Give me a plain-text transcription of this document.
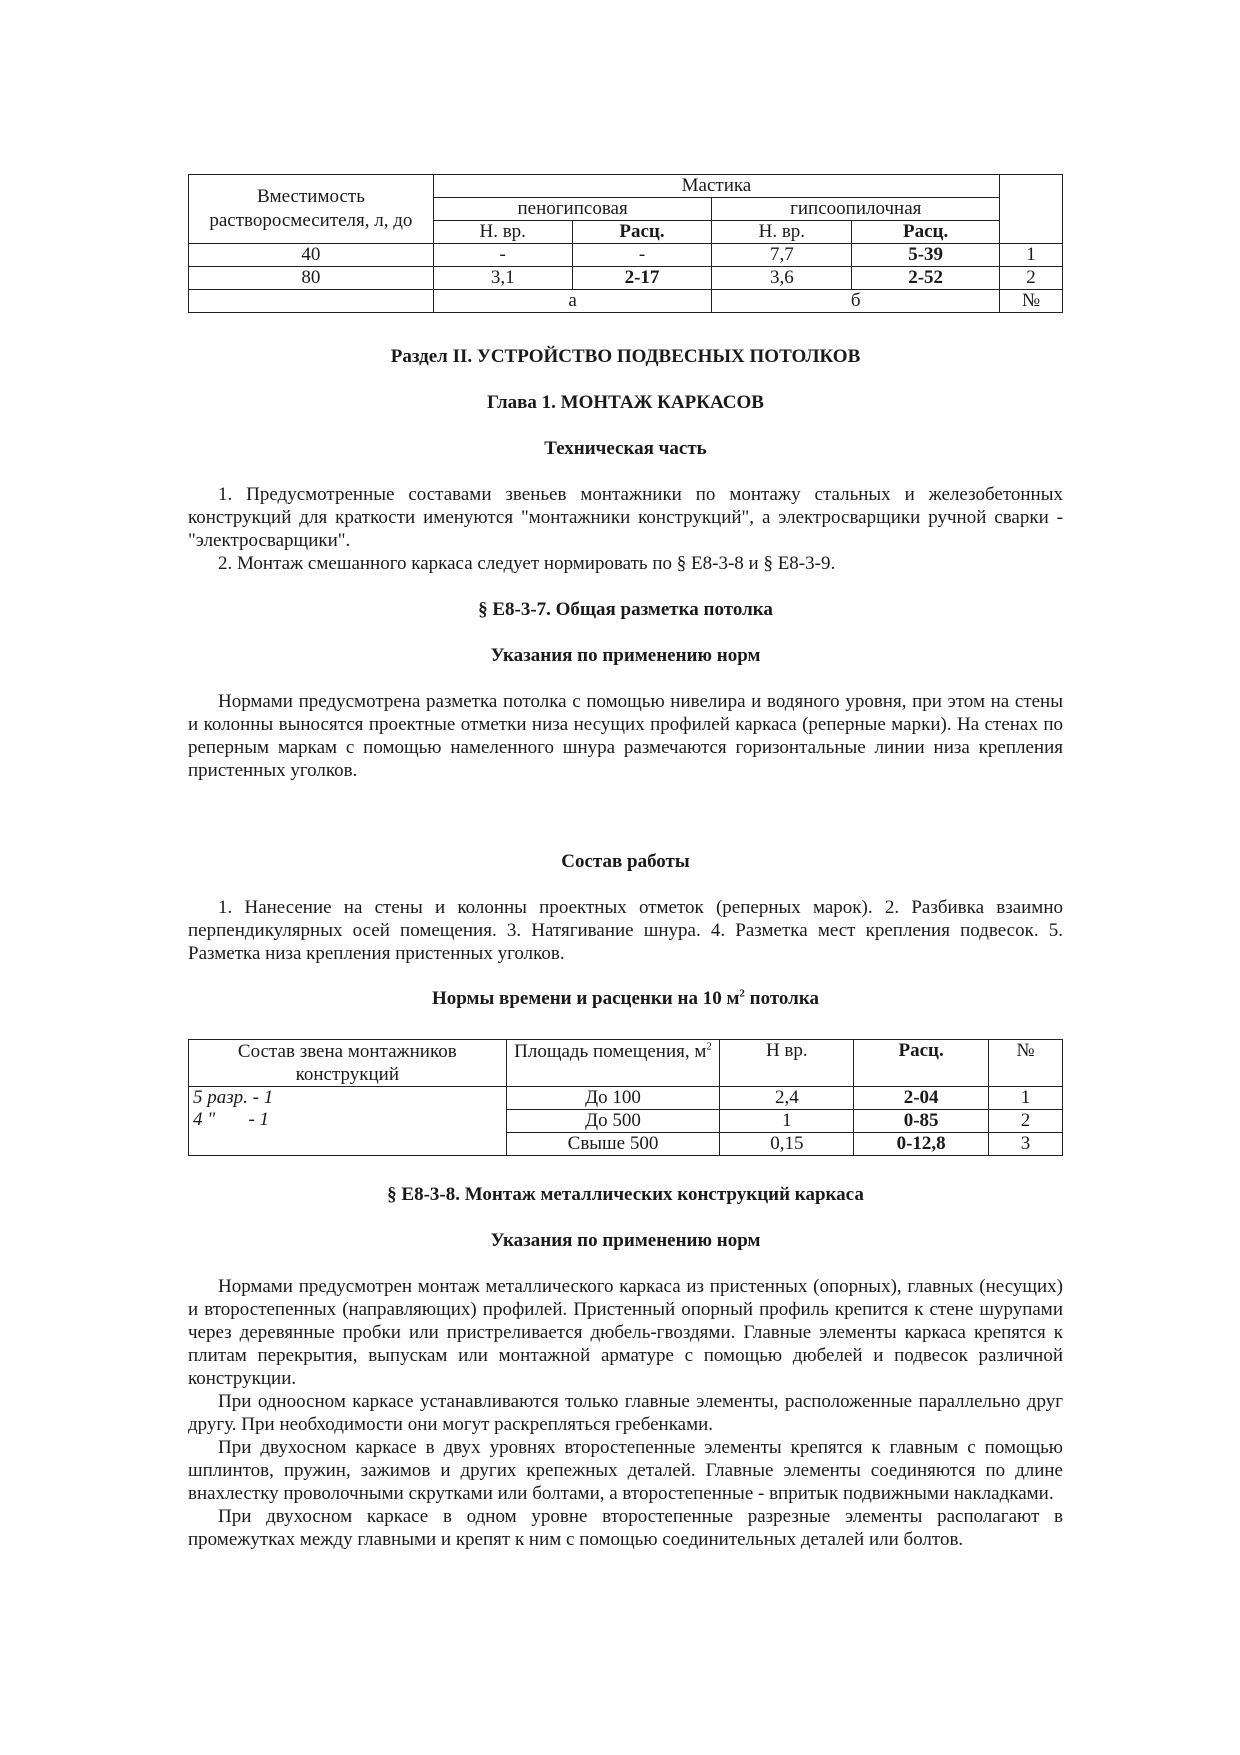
Вместимость растворосмесителя, л, до	Мастика				
	пеногипсовая		гипсоопилочная		
	Н. вр.	Расц.	Н. вр.	Расц.	
40	-	-	7,7	5-39	1
80	3,1	2-17	3,6	2-52	2
	а		б		№
Раздел II. УСТРОЙСТВО ПОДВЕСНЫХ ПОТОЛКОВ
Глава 1. МОНТАЖ КАРКАСОВ
Техническая часть

1. Предусмотренные составами звеньев монтажники по монтажу стальных и железобетонных конструкций для краткости именуются "монтажники конструкций", а электросварщики ручной сварки - "электросварщики".

2. Монтаж смешанного каркаса следует нормировать по § Е8-3-8 и § Е8-3-9.

§ Е8-3-7. Общая разметка потолка
Указания по применению норм

Нормами предусмотрена разметка потолка с помощью нивелира и водяного уровня, при этом на стены и колонны выносятся проектные отметки низа несущих профилей каркаса (реперные марки). На стенах по реперным маркам с помощью намеленного шнура размечаются горизонтальные линии низа крепления пристенных уголков.

Состав работы

1. Нанесение на стены и колонны проектных отметок (реперных марок). 2. Разбивка взаимно перпендикулярных осей помещения. 3. Натягивание шнура. 4. Разметка мест крепления подвесок. 5. Разметка низа крепления пристенных уголков.

Нормы времени и расценки на 10 $м^2$ потолка
Состав звена монтажников конструкций	Площадь помещения, $м^2$	Н вр.	Расц.	№

5 разр. - 1
4 "       - 1	До 100	2,4	2-04	1
	До 500	1	0-85	2
	Свыше 500	0,15	0-12,8	3
§ Е8-3-8. Монтаж металлических конструкций каркаса
Указания по применению норм

Нормами предусмотрен монтаж металлического каркаса из пристенных (опорных), главных (несущих) и второстепенных (направляющих) профилей. Пристенный опорный профиль крепится к стене шурупами через деревянные пробки или пристреливается дюбель-гвоздями. Главные элементы каркаса крепятся к плитам перекрытия, выпускам или монтажной арматуре с помощью дюбелей и подвесок различной конструкции.

При одноосном каркасе устанавливаются только главные элементы, расположенные параллельно друг другу. При необходимости они могут раскрепляться гребенками.

При двухосном каркасе в двух уровнях второстепенные элементы крепятся к главным с помощью шплинтов, пружин, зажимов и других крепежных деталей. Главные элементы соединяются по длине внахлестку проволочными скрутками или болтами, а второстепенные - впритык подвижными накладками.

При двухосном каркасе в одном уровне второстепенные разрезные элементы располагают в промежутках между главными и крепят к ним с помощью соединительных деталей или болтов.
